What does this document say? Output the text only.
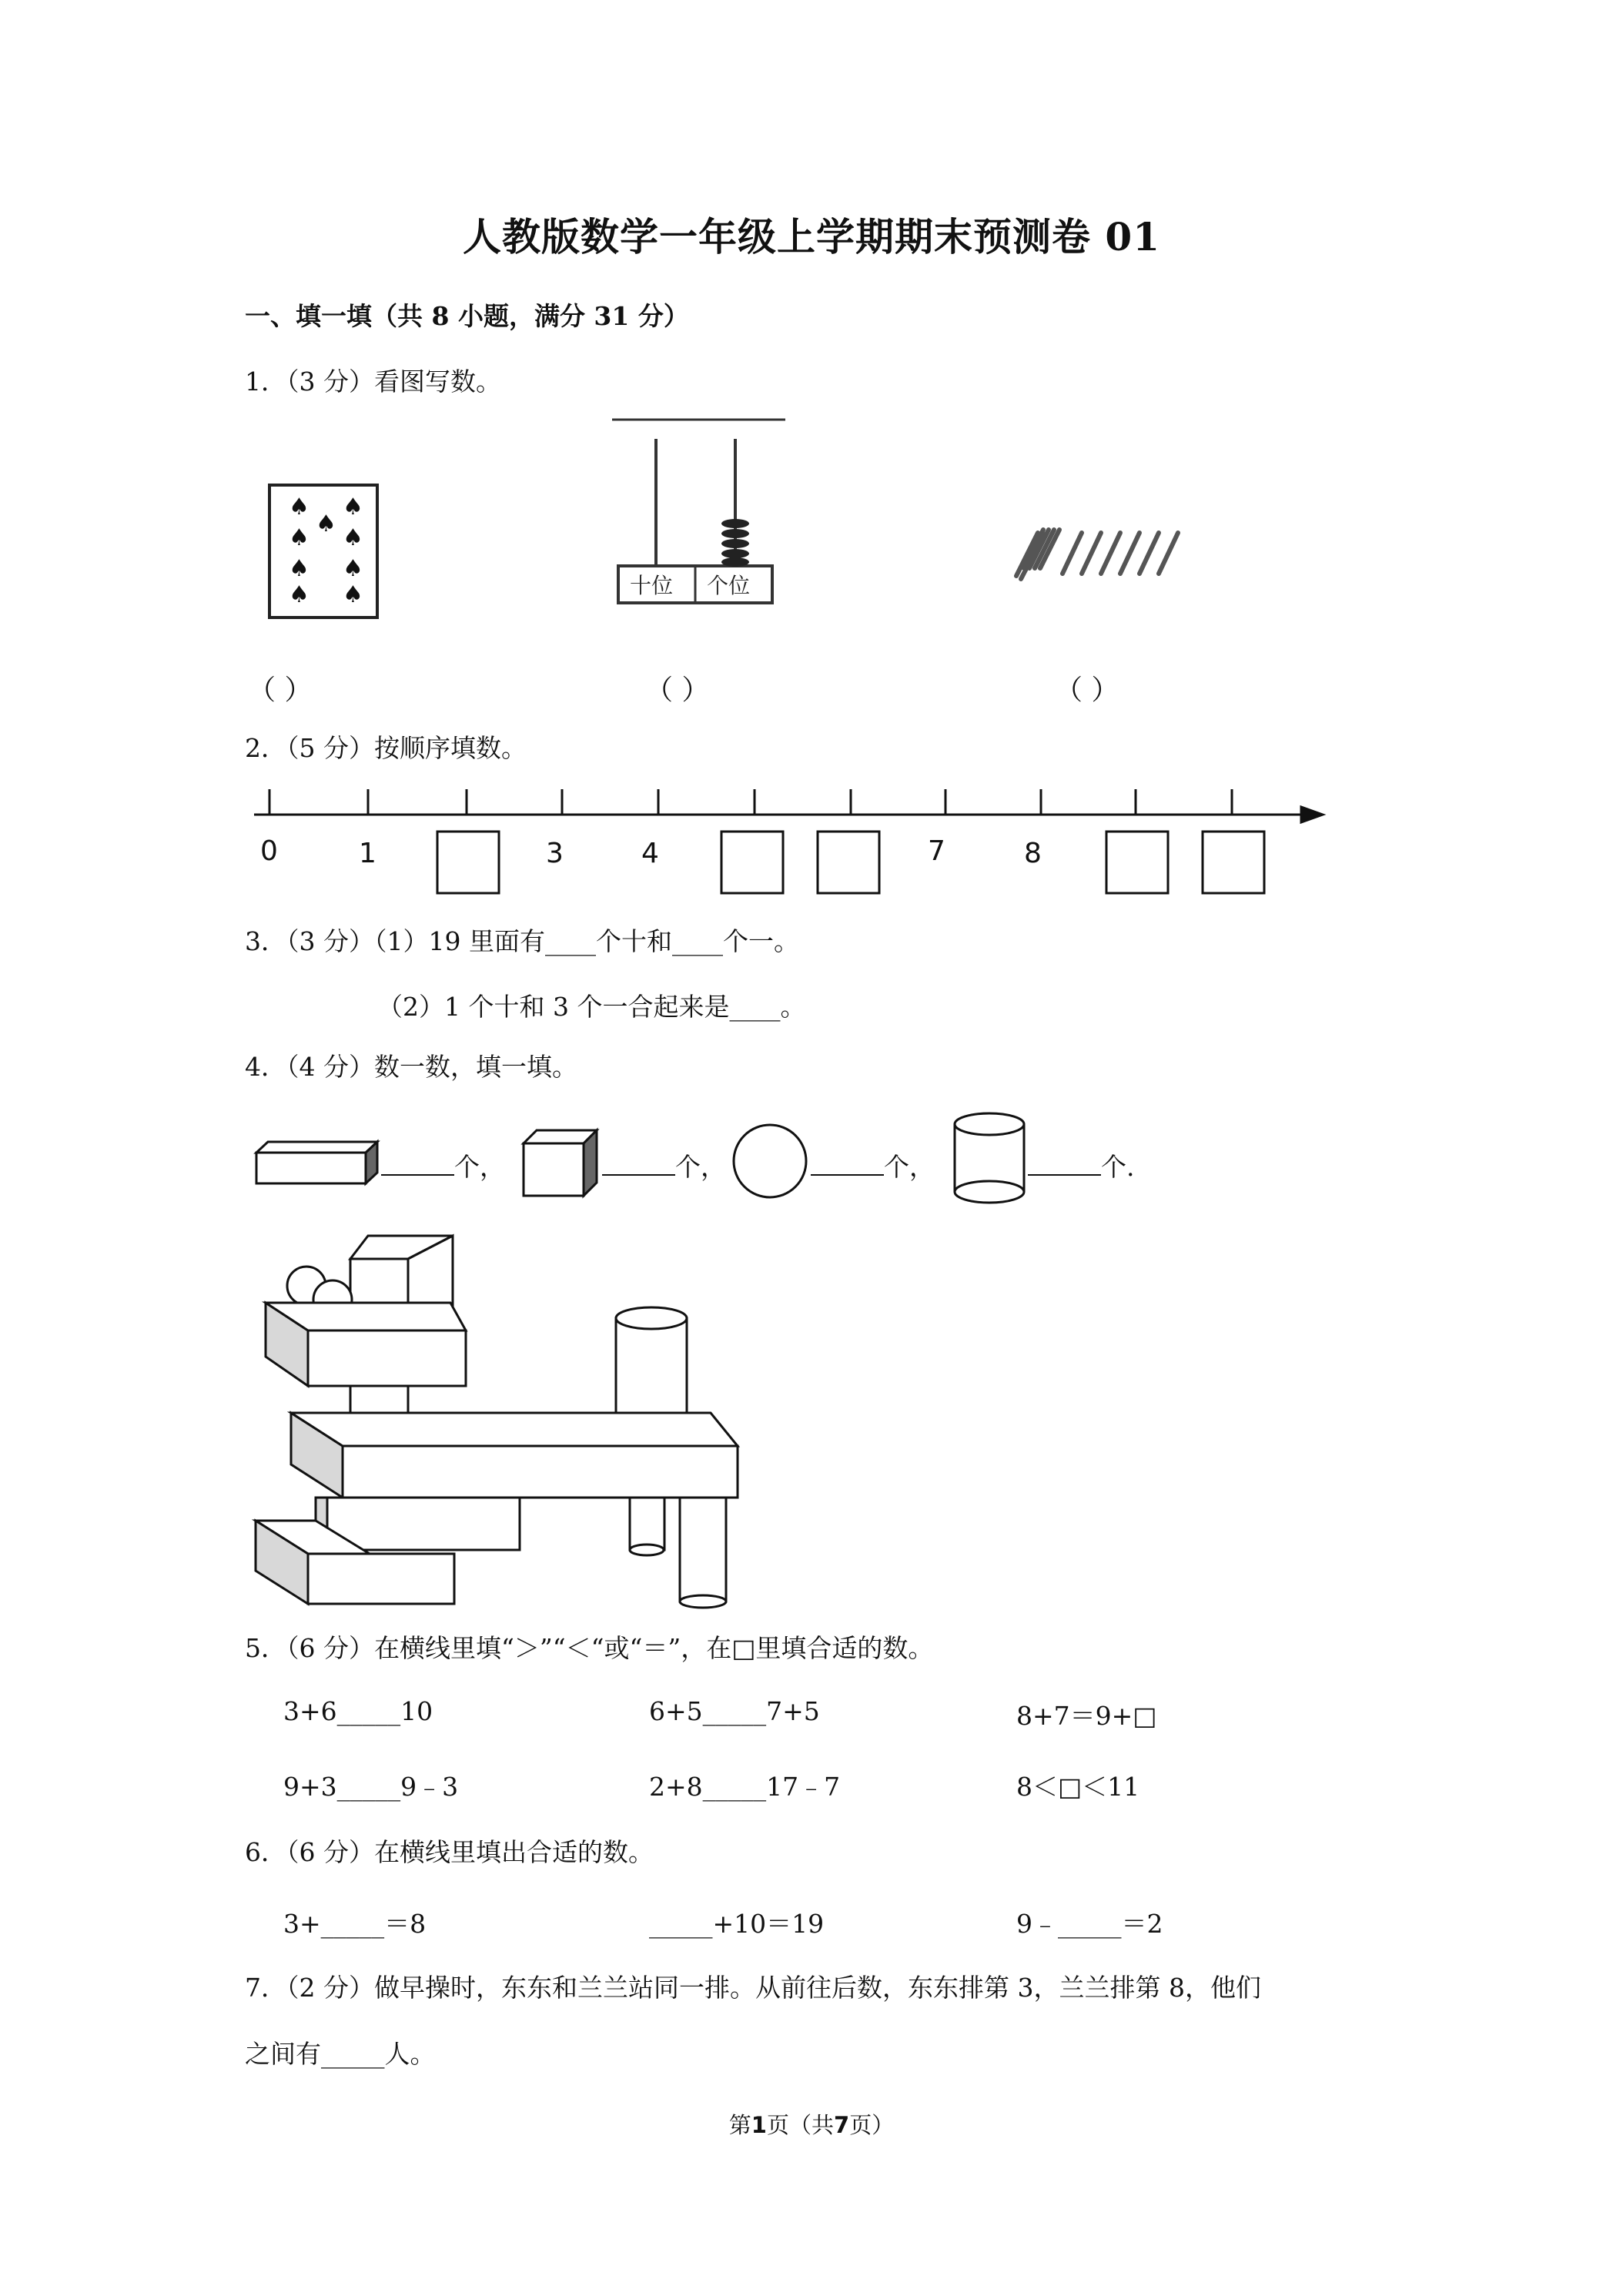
人教版数学一年级上学期期末预测卷 01
一、填一填（共 8 小题，满分 31 分）
1．（3 分）看图写数。
♠ ♠
♠ ♠
♠
♠ ♠
♠ ♠	十位 个位
（ ）	（ ）	（ ）
2．（5 分）按顺序填数。
0	1	3	4	7	8
3．（3 分）（1）19 里面有____个十和____个一。
（2）1 个十和 3 个一合起来是____。
4．（4 分）数一数，填一填。
个，	个，	个，	个.
5．（6 分）在横线里填“＞”“＜“或“＝”，在□里填合适的数。
3+6_____10	6+5_____7+5	8+7＝9+□
9+3_____9﹣3	2+8_____17﹣7	8＜□＜11
6．（6 分）在横线里填出合适的数。
3+_____＝8	_____+10＝19	9﹣_____＝2
7．（2 分）做早操时，东东和兰兰站同一排。从前往后数，东东排第 3，兰兰排第 8，他们
之间有_____人。
第1页（共7页）
